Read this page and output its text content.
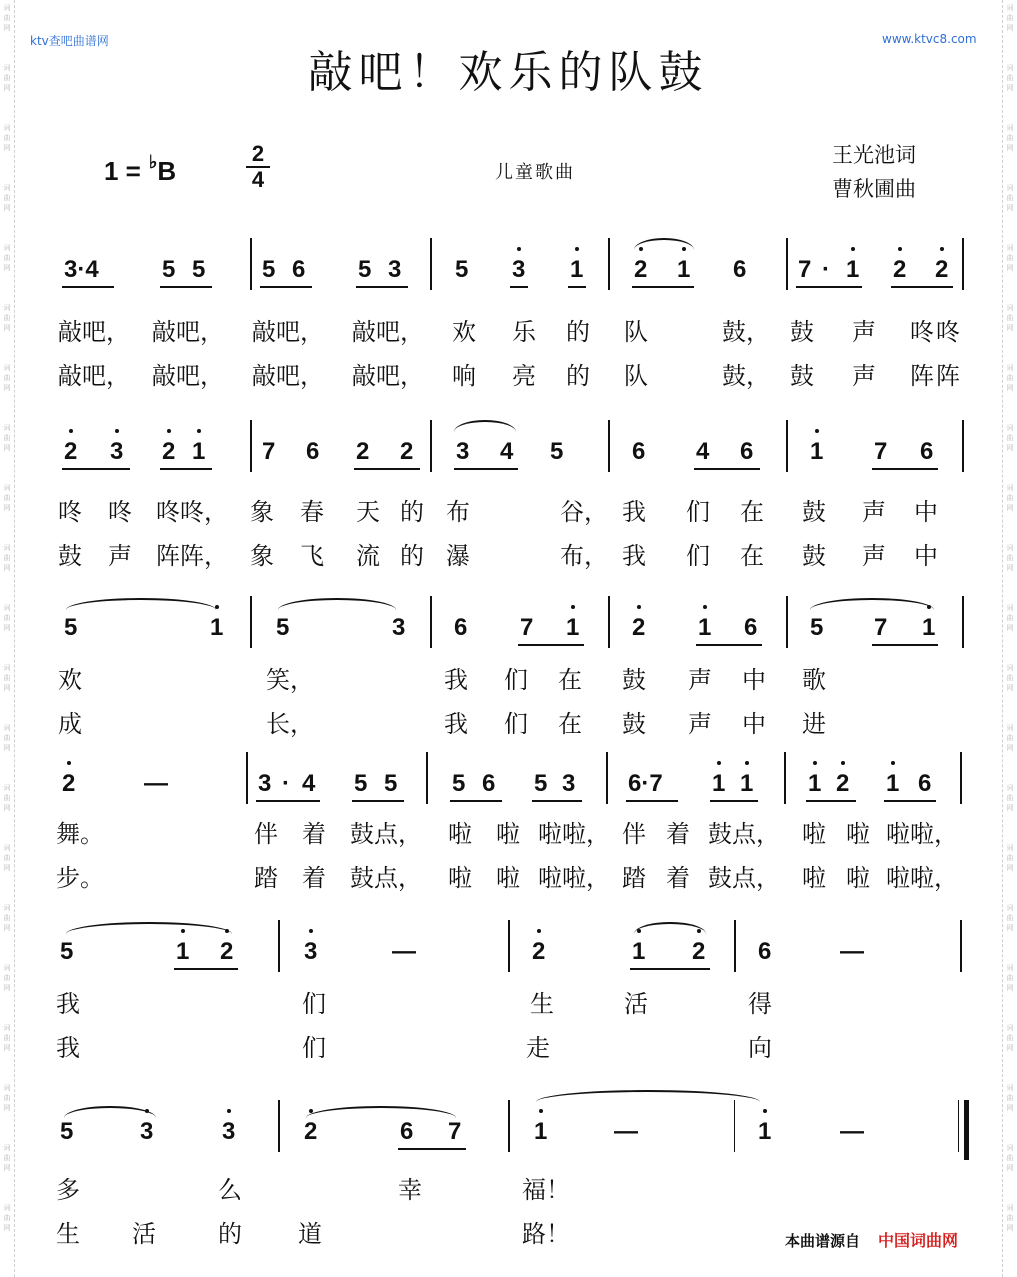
词
曲
网
词
曲
网
词
曲
网
词
曲
网
词
曲
网
词
曲
网
词
曲
网
词
曲
网
词
曲
网
词
曲
网
词
曲
网
词
曲
网
词
曲
网
词
曲
网
词
曲
网
词
曲
网
词
曲
网
词
曲
网
词
曲
网
词
曲
网
词
曲
网
词
曲
网
词
曲
网
词
曲
网
词
曲
网
词
曲
网
词
曲
网
词
曲
网
词
曲
网
词
曲
网
词
曲
网
词
曲
网
词
曲
网
词
曲
网
词
曲
网
词
曲
网
词
曲
网
词
曲
网
词
曲
网
词
曲
网
词
曲
网
词
曲
网
ktv查吧曲谱网	www.ktvc8.com
敲吧！欢乐的队鼓
1 = ♭B
2
4	儿童歌曲
王光池词
曹秋圃曲
3·4	5 5 5 6 5 3 5 3 1 2 1 6 7 · 1 2 2
敲吧， 敲吧， 敲吧， 敲吧， 欢 乐 的 队	鼓， 鼓 声 咚 咚
敲吧， 敲吧， 敲吧， 敲吧， 响 亮 的 队	鼓， 鼓 声 阵 阵
2 3 2 1 7 6 2 2 3 4 5	6 4 6 1 7 6
咚 咚 咚咚， 象 春 天 的 布	谷， 我 们 在 鼓 声 中
鼓 声 阵阵， 象 飞 流 的 瀑	布， 我 们 在 鼓 声 中
5	1 5	3 6 7 1 2 1 6 5 7 1
欢	笑，	我 们 在 鼓 声 中 歌
成	长，	我 们 在 鼓 声 中 进
2	—	3 · 4 5 5 5 6 5 3 6·7 1 1 1 2 1 6
舞。	伴 着 鼓点， 啦 啦 啦啦， 伴 着 鼓点， 啦 啦 啦啦，
步。	踏 着 鼓点， 啦 啦 啦啦， 踏 着 鼓点， 啦 啦 啦啦，
5	1 2	3	—	2	1 2 6	—
我	们	生	活	得
我	们	走	向
5	3	3	2	6 7	1	—	1	—
多	么	幸	福！
生 活	的 道	路！	本曲谱源自 中国词曲网
